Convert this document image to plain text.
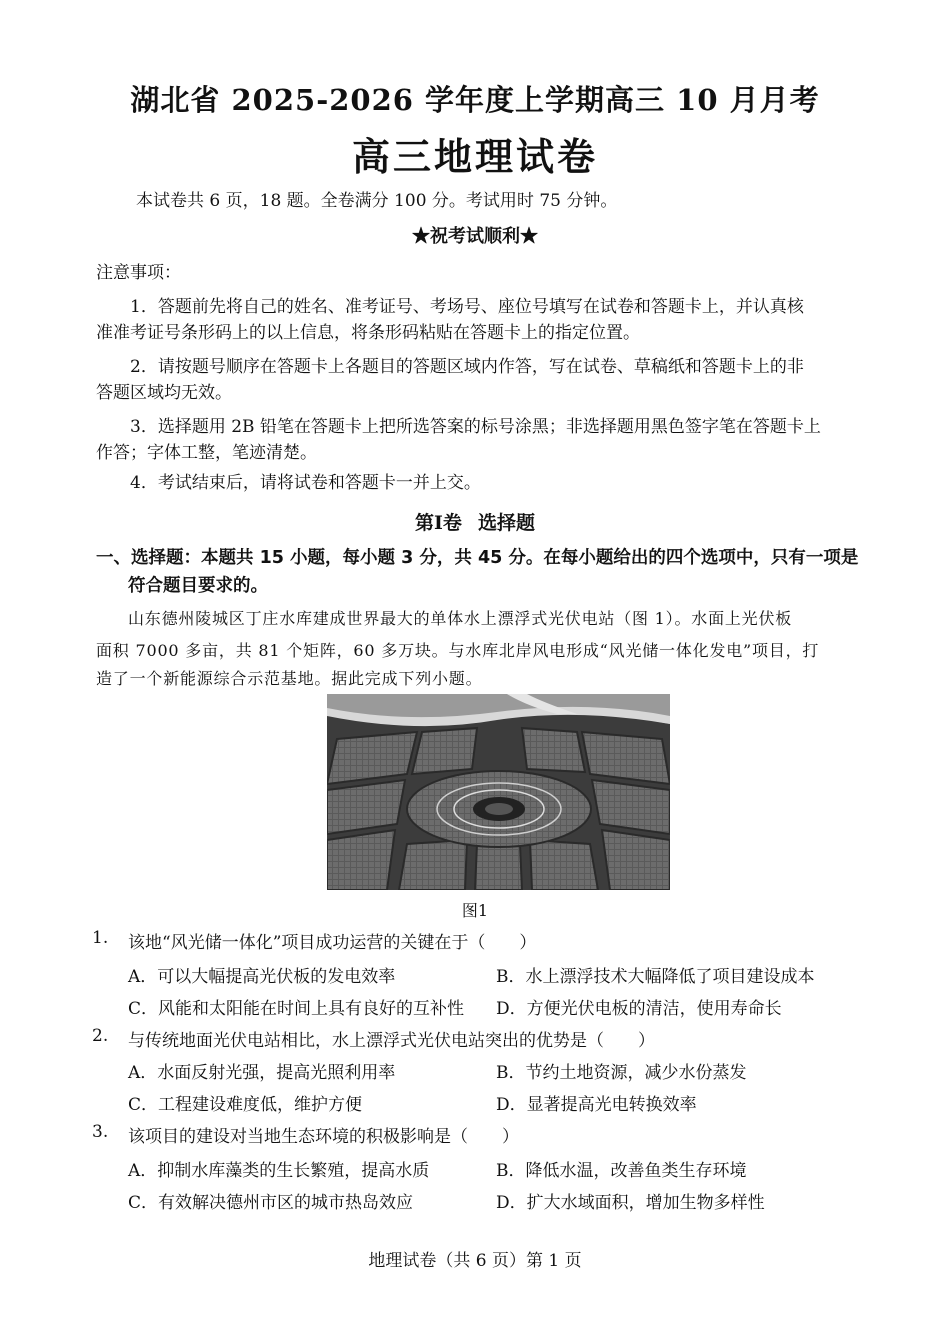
湖北省 2025-2026 学年度上学期高三 10 月月考
高三地理试卷
本试卷共 6 页，18 题。全卷满分 100 分。考试用时 75 分钟。
★祝考试顺利★
注意事项：
1．答题前先将自己的姓名、准考证号、考场号、座位号填写在试卷和答题卡上，并认真核
准准考证号条形码上的以上信息，将条形码粘贴在答题卡上的指定位置。
2．请按题号顺序在答题卡上各题目的答题区域内作答，写在试卷、草稿纸和答题卡上的非
答题区域均无效。
3．选择题用 2B 铅笔在答题卡上把所选答案的标号涂黑；非选择题用黑色签字笔在答题卡上
作答；字体工整，笔迹清楚。
4．考试结束后，请将试卷和答题卡一并上交。
第Ⅰ卷 选择题
一、选择题：本题共 15 小题，每小题 3 分，共 45 分。在每小题给出的四个选项中，只有一项是
符合题目要求的。
山东德州陵城区丁庄水库建成世界最大的单体水上漂浮式光伏电站（图 1）。水面上光伏板
面积 7000 多亩，共 81 个矩阵，60 多万块。与水库北岸风电形成“风光储一体化发电”项目，打
造了一个新能源综合示范基地。据此完成下列小题。
图1
1. 该地“风光储一体化”项目成功运营的关键在于（　　）
A．可以大幅提高光伏板的发电效率	B．水上漂浮技术大幅降低了项目建设成本
C．风能和太阳能在时间上具有良好的互补性 D．方便光伏电板的清洁，使用寿命长
2. 与传统地面光伏电站相比，水上漂浮式光伏电站突出的优势是（　　）
A．水面反射光强，提高光照利用率	B．节约土地资源，减少水份蒸发
C．工程建设难度低，维护方便	D．显著提高光电转换效率
3. 该项目的建设对当地生态环境的积极影响是（　　）
A．抑制水库藻类的生长繁殖，提高水质	B．降低水温，改善鱼类生存环境
C．有效解决德州市区的城市热岛效应	D．扩大水域面积，增加生物多样性
地理试卷（共 6 页）第 1 页
